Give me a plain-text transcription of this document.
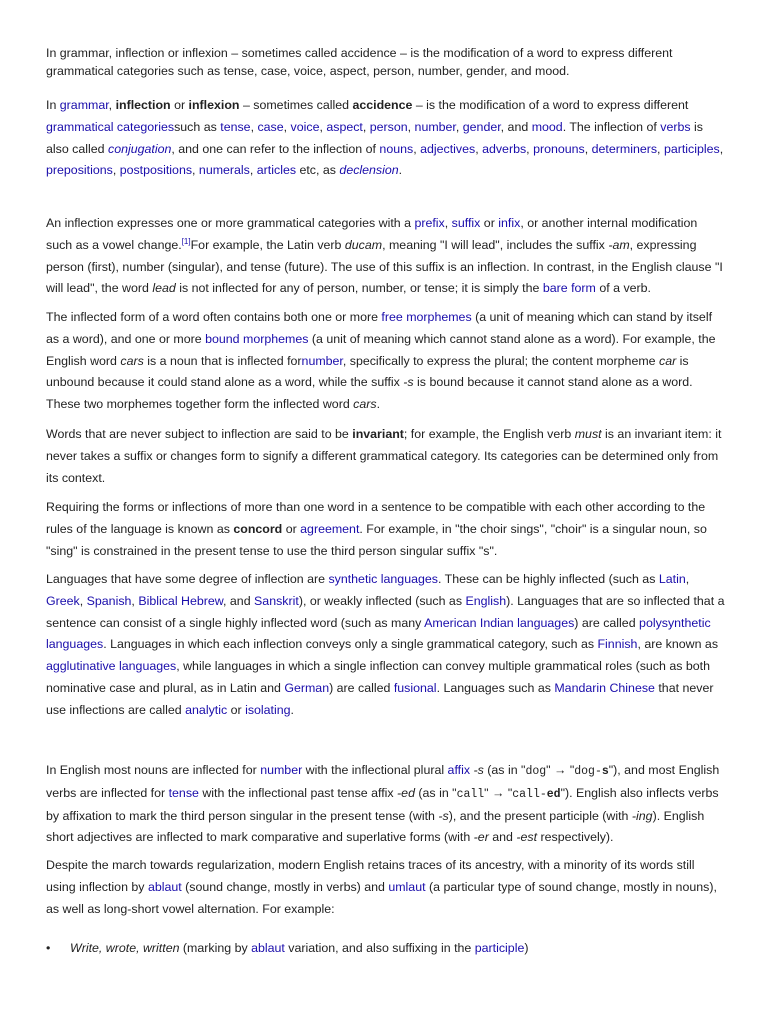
In grammar, inflection or inflexion – sometimes called accidence – is the modification of a word to express different grammatical categories such as tense, case, voice, aspect, person, number, gender, and mood.

In grammar, inflection or inflexion – sometimes called accidence – is the modification of a word to express different grammatical categoriessuch as tense, case, voice, aspect, person, number, gender, and mood. The inflection of verbs is also called conjugation, and one can refer to the inflection of nouns, adjectives, adverbs, pronouns, determiners, participles, prepositions, postpositions, numerals, articles etc, as declension.

An inflection expresses one or more grammatical categories with a prefix, suffix or infix, or another internal modification such as a vowel change.[1]For example, the Latin verb ducam, meaning "I will lead", includes the suffix -am, expressing person (first), number (singular), and tense (future). The use of this suffix is an inflection. In contrast, in the English clause "I will lead", the word lead is not inflected for any of person, number, or tense; it is simply the bare form of a verb.

The inflected form of a word often contains both one or more free morphemes (a unit of meaning which can stand by itself as a word), and one or more bound morphemes (a unit of meaning which cannot stand alone as a word). For example, the English word cars is a noun that is inflected fornumber, specifically to express the plural; the content morpheme car is unbound because it could stand alone as a word, while the suffix -s is bound because it cannot stand alone as a word. These two morphemes together form the inflected word cars.

Words that are never subject to inflection are said to be invariant; for example, the English verb must is an invariant item: it never takes a suffix or changes form to signify a different grammatical category. Its categories can be determined only from its context.

Requiring the forms or inflections of more than one word in a sentence to be compatible with each other according to the rules of the language is known as concord or agreement. For example, in "the choir sings", "choir" is a singular noun, so "sing" is constrained in the present tense to use the third person singular suffix "s".

Languages that have some degree of inflection are synthetic languages. These can be highly inflected (such as Latin, Greek, Spanish, Biblical Hebrew, and Sanskrit), or weakly inflected (such as English). Languages that are so inflected that a sentence can consist of a single highly inflected word (such as many American Indian languages) are called polysynthetic languages. Languages in which each inflection conveys only a single grammatical category, such as Finnish, are known as agglutinative languages, while languages in which a single inflection can convey multiple grammatical roles (such as both nominative case and plural, as in Latin and German) are called fusional. Languages such as Mandarin Chinese that never use inflections are called analytic or isolating.

In English most nouns are inflected for number with the inflectional plural affix -s (as in "dog" → "dog-s"), and most English verbs are inflected for tense with the inflectional past tense affix -ed (as in "call" → "call-ed"). English also inflects verbs by affixation to mark the third person singular in the present tense (with -s), and the present participle (with -ing). English short adjectives are inflected to mark comparative and superlative forms (with -er and -est respectively).

Despite the march towards regularization, modern English retains traces of its ancestry, with a minority of its words still using inflection by ablaut (sound change, mostly in verbs) and umlaut (a particular type of sound change, mostly in nouns), as well as long-short vowel alternation. For example:

• Write, wrote, written (marking by ablaut variation, and also suffixing in the participle)
